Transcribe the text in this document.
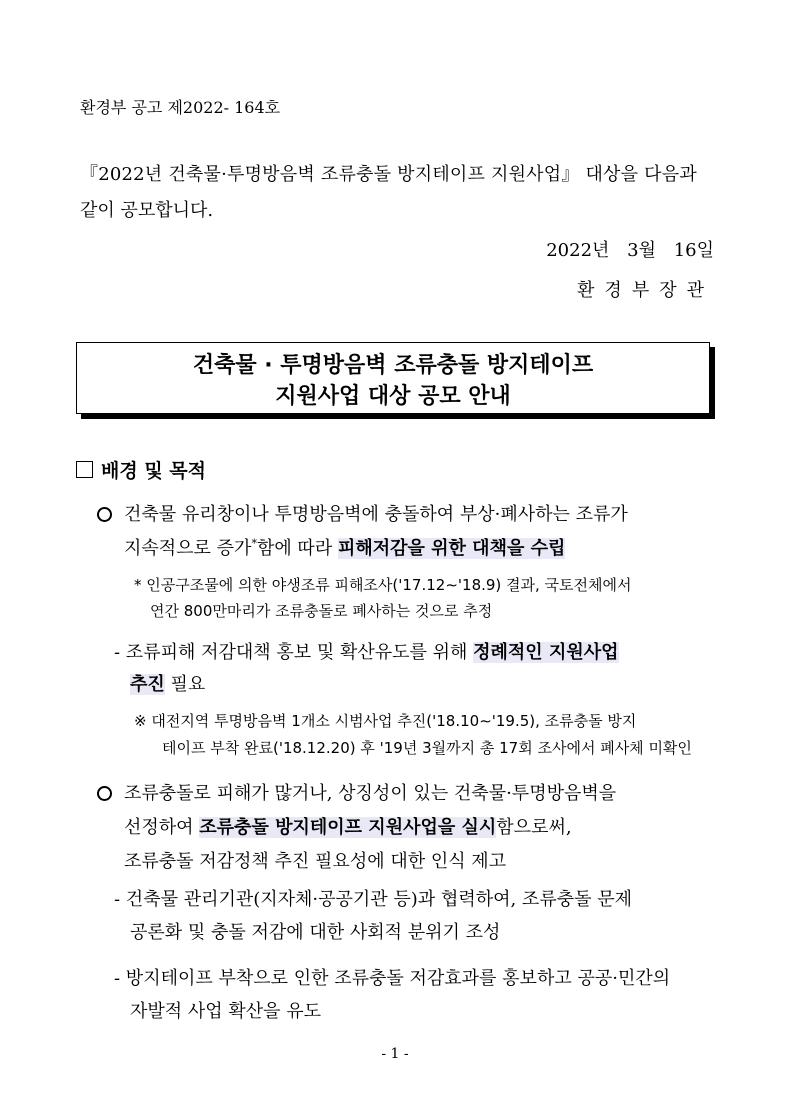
환경부 공고 제2022- 164호
『2022년 건축물·투명방음벽 조류충돌 방지테이프 지원사업』 대상을 다음과
같이 공모합니다.
2022년 3월 16일
환경부장관
건축물 · 투명방음벽 조류충돌 방지테이프
지원사업 대상 공모 안내
배경 및 목적
건축물 유리창이나 투명방음벽에 충돌하여 부상·폐사하는 조류가
지속적으로 증가*함에 따라 피해저감을 위한 대책을 수립
* 인공구조물에 의한 야생조류 피해조사('17.12∼'18.9) 결과, 국토전체에서
연간 800만마리가 조류충돌로 폐사하는 것으로 추정
- 조류피해 저감대책 홍보 및 확산유도를 위해 정례적인 지원사업
추진 필요
※ 대전지역 투명방음벽 1개소 시범사업 추진('18.10∼'19.5), 조류충돌 방지
테이프 부착 완료('18.12.20) 후 '19년 3월까지 총 17회 조사에서 폐사체 미확인
조류충돌로 피해가 많거나, 상징성이 있는 건축물·투명방음벽을
선정하여 조류충돌 방지테이프 지원사업을 실시함으로써,
조류충돌 저감정책 추진 필요성에 대한 인식 제고
- 건축물 관리기관(지자체·공공기관 등)과 협력하여, 조류충돌 문제
공론화 및 충돌 저감에 대한 사회적 분위기 조성
- 방지테이프 부착으로 인한 조류충돌 저감효과를 홍보하고 공공·민간의
자발적 사업 확산을 유도
- 1 -
